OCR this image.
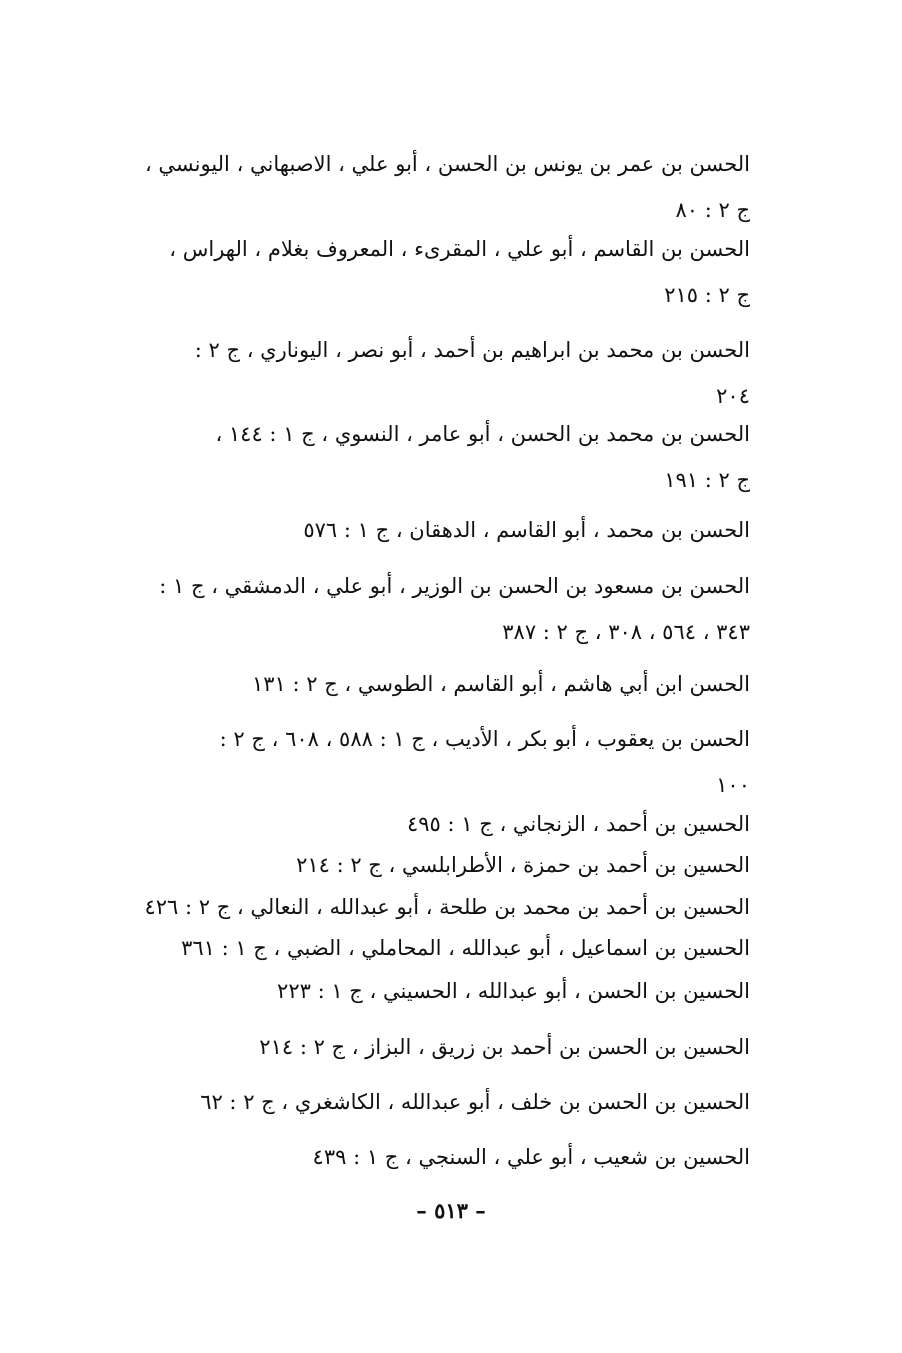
الحسن بن عمر بن يونس بن الحسن ، أبو علي ، الاصبهاني ، اليونسي ،
ج ٢ : ٨٠
الحسن بن القاسم ، أبو علي ، المقرىء ، المعروف بغلام ، الهراس ،
ج ٢ : ٢١٥
الحسن بن محمد بن ابراهيم بن أحمد ، أبو نصر ، اليوناري ، ج ٢ :
٢٠٤
الحسن بن محمد بن الحسن ، أبو عامر ، النسوي ، ج ١ : ١٤٤ ،
ج ٢ : ١٩١
الحسن بن محمد ، أبو القاسم ، الدهقان ، ج ١ : ٥٧٦
الحسن بن مسعود بن الحسن بن الوزير ، أبو علي ، الدمشقي ، ج ١ :
٣٤٣ ، ٥٦٤ ، ٣٠٨ ، ج ٢ : ٣٨٧
الحسن ابن أبي هاشم ، أبو القاسم ، الطوسي ، ج ٢ : ١٣١
الحسن بن يعقوب ، أبو بكر ، الأديب ، ج ١ : ٥٨٨ ، ٦٠٨ ، ج ٢ :
١٠٠
الحسين بن أحمد ، الزنجاني ، ج ١ : ٤٩٥
الحسين بن أحمد بن حمزة ، الأطرابلسي ، ج ٢ : ٢١٤
الحسين بن أحمد بن محمد بن طلحة ، أبو عبدالله ، النعالي ، ج ٢ : ٤٢٦
الحسين بن اسماعيل ، أبو عبدالله ، المحاملي ، الضبي ، ج ١ : ٣٦١
الحسين بن الحسن ، أبو عبدالله ، الحسيني ، ج ١ : ٢٢٣
الحسين بن الحسن بن أحمد بن زريق ، البزاز ، ج ٢ : ٢١٤
الحسين بن الحسن بن خلف ، أبو عبدالله ، الكاشغري ، ج ٢ : ٦٢
الحسين بن شعيب ، أبو علي ، السنجي ، ج ١ : ٤٣٩
– ٥١٣ –
